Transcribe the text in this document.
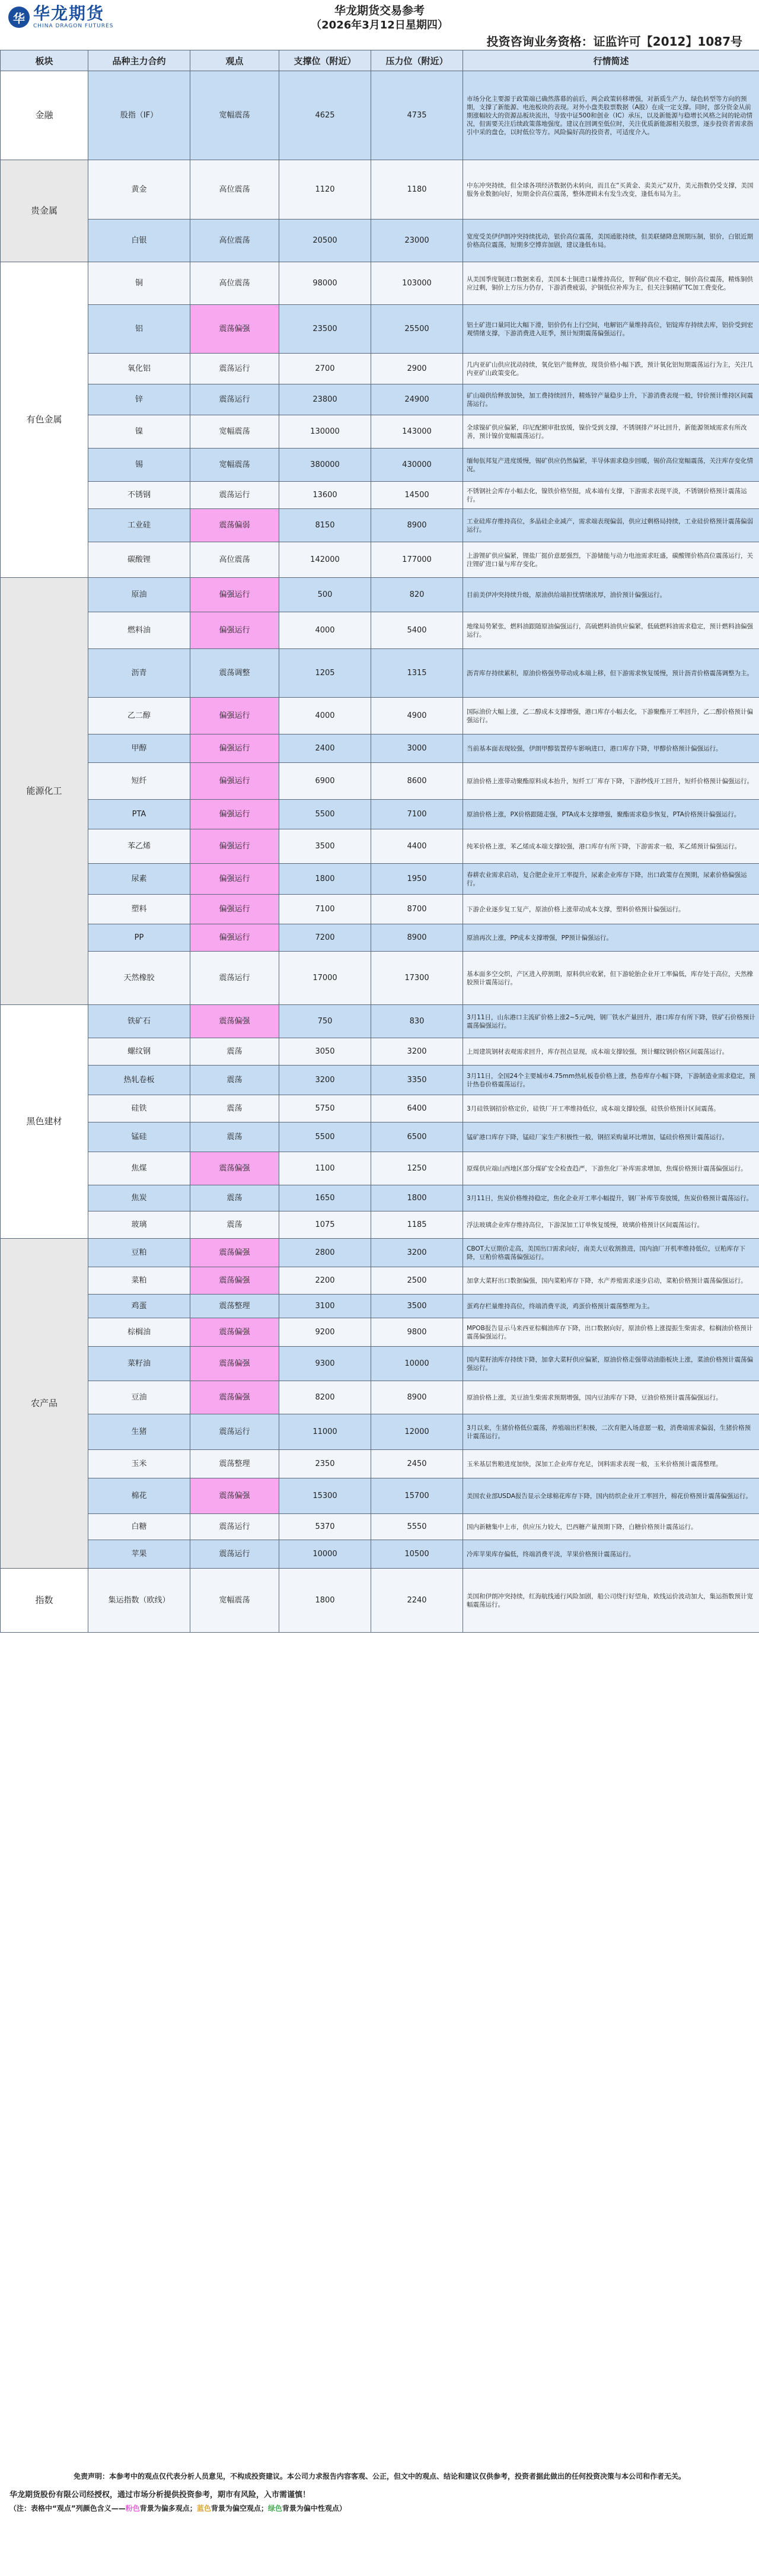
华 华龙期货
CHINA DRAGON FUTURES
华龙期货交易参考
（2026年3月12日星期四）
投资咨询业务资格：证监许可【2012】1087号
板块	品种主力合约	观点	支撑位（附近）	压力位（附近）	行情简述
金融	股指（IF）	宽幅震荡	4625	4735	市场分化主要源于政策端已确然落幕的前后，两会政策转移增强，对新质生产力、绿色转型等方向的预期，支撑了新能源、电池板块的表现。对外小盘类股票数据（A股）在成一定支撑。同时，部分资金从前期涨幅较大的资源品板块流出，导致中证500和创业（IC）承压，以及新能源与稳增长风格之间的轮动情况，但需要关注后续政策落地强度。建议在回调至低位时，关注优质新能源相关股票，逐步投资者需求指引中采的盘仓，以时低位等方。风险偏好高的投资者，可适度介入。
贵金属	黄金	高位震荡	1120	1180	中东冲突持续，但全球各项经济数据仍未转向，而且在“买黄金、卖美元”双升，美元指数仍受支撑，美国服务业数据向好，短期金价高位震荡，整体逻辑未有发生改变，逢低布局为主。
	白银	高位震荡	20500	23000	宽度受美伊伊朗冲突持续扰动，银价高位震荡，美国通胀持续，但美联储降息预期压制，银价，白银近期价格高位震荡，短期多空博弈加剧，建议逢低布局。
有色金属	铜	高位震荡	98000	103000	从美国季度铜进口数据来看，美国本土铜进口量维持高位，智利矿供应不稳定，铜价高位震荡，精炼铜供应过剩，铜价上方压力仍存，下游消费疲弱，沪铜低位补库为主，但关注铜精矿TC加工费变化。
	铝	震荡偏强	23500	25500	铝土矿进口量同比大幅下滑，铝价仍有上行空间，电解铝产量维持高位，铝锭库存持续去库，铝价受到宏观情绪支撑，下游消费进入旺季，预计短期震荡偏强运行。
	氧化铝	震荡运行	2700	2900	几内亚矿山供应扰动持续，氧化铝产能释放，现货价格小幅下跌，预计氧化铝短期震荡运行为主，关注几内亚矿山政策变化。
	锌	震荡运行	23800	24900	矿山端供给释放加快，加工费持续回升，精炼锌产量稳步上升，下游消费表现一般，锌价预计维持区间震荡运行。
	镍	宽幅震荡	130000	143000	全球镍矿供应偏紧，印尼配额审批放缓，镍价受到支撑，不锈钢排产环比回升，新能源领域需求有所改善，预计镍价宽幅震荡运行。
	锡	宽幅震荡	380000	430000	缅甸佤邦复产进度缓慢，锡矿供应仍然偏紧，半导体需求稳步回暖，锡价高位宽幅震荡，关注库存变化情况。
	不锈钢	震荡运行	13600	14500	不锈钢社会库存小幅去化，镍铁价格坚挺，成本端有支撑，下游需求表现平淡，不锈钢价格预计震荡运行。
	工业硅	震荡偏弱	8150	8900	工业硅库存维持高位，多晶硅企业减产，需求端表现偏弱，供应过剩格局持续，工业硅价格预计震荡偏弱运行。
	碳酸锂	高位震荡	142000	177000	上游锂矿供应偏紧，锂盐厂挺价意愿强烈，下游储能与动力电池需求旺盛，碳酸锂价格高位震荡运行，关注锂矿进口量与库存变化。
能源化工	原油	偏强运行	500	820	目前美伊冲突持续升级，原油供给端担忧情绪浓厚，油价预计偏强运行。
	燃料油	偏强运行	4000	5400	地缘局势紧张，燃料油跟随原油偏强运行，高硫燃料油供应偏紧，低硫燃料油需求稳定，预计燃料油偏强运行。
	沥青	震荡调整	1205	1315	沥青库存持续累积，原油价格强势带动成本端上移，但下游需求恢复缓慢，预计沥青价格震荡调整为主。
	乙二醇	偏强运行	4000	4900	国际油价大幅上涨，乙二醇成本支撑增强，港口库存小幅去化，下游聚酯开工率回升，乙二醇价格预计偏强运行。
	甲醇	偏强运行	2400	3000	当前基本面表现较强，伊朗甲醇装置停车影响进口，港口库存下降，甲醇价格预计偏强运行。
	短纤	偏强运行	6900	8600	原油价格上涨带动聚酯原料成本抬升，短纤工厂库存下降，下游纱线开工回升，短纤价格预计偏强运行。
	PTA	偏强运行	5500	7100	原油价格上涨，PX价格跟随走强，PTA成本支撑增强，聚酯需求稳步恢复，PTA价格预计偏强运行。
	苯乙烯	偏强运行	3500	4400	纯苯价格上涨，苯乙烯成本端支撑较强，港口库存有所下降，下游需求一般，苯乙烯预计偏强运行。
	尿素	偏强运行	1800	1950	春耕农业需求启动，复合肥企业开工率提升，尿素企业库存下降，出口政策存在预期，尿素价格偏强运行。
	塑料	偏强运行	7100	8700	下游企业逐步复工复产，原油价格上涨带动成本支撑，塑料价格预计偏强运行。
	PP	偏强运行	7200	8900	原油再次上涨，PP成本支撑增强，PP预计偏强运行。
	天然橡胶	震荡运行	17000	17300	基本面多空交织，产区进入停割期，原料供应收紧，但下游轮胎企业开工率偏低，库存处于高位，天然橡胶预计震荡运行。
黑色建材	铁矿石	震荡偏强	750	830	3月11日，山东港口主流矿价格上涨2~5元/吨，钢厂铁水产量回升，港口库存有所下降，铁矿石价格预计震荡偏强运行。
	螺纹钢	震荡	3050	3200	上周建筑钢材表观需求回升，库存拐点显现，成本端支撑较强，预计螺纹钢价格区间震荡运行。
	热轧卷板	震荡	3200	3350	3月11日，全国24个主要城市4.75mm热轧板卷价格上涨，热卷库存小幅下降，下游制造业需求稳定，预计热卷价格震荡运行。
	硅铁	震荡	5750	6400	3月硅铁钢招价格定价，硅铁厂开工率维持低位，成本端支撑较强，硅铁价格预计区间震荡。
	锰硅	震荡	5500	6500	锰矿港口库存下降，锰硅厂家生产积极性一般，钢招采购量环比增加，锰硅价格预计震荡运行。
	焦煤	震荡偏强	1100	1250	原煤供应端山西地区部分煤矿安全检查趋严，下游焦化厂补库需求增加，焦煤价格预计震荡偏强运行。
	焦炭	震荡	1650	1800	3月11日，焦炭价格维持稳定，焦化企业开工率小幅提升，钢厂补库节奏放缓，焦炭价格预计震荡运行。
	玻璃	震荡	1075	1185	浮法玻璃企业库存维持高位，下游深加工订单恢复缓慢，玻璃价格预计区间震荡运行。
农产品	豆粕	震荡偏强	2800	3200	CBOT大豆期价走高，美国出口需求向好，南美大豆收割推进，国内油厂开机率维持低位，豆粕库存下降，豆粕价格震荡偏强运行。
	菜粕	震荡偏强	2200	2500	加拿大菜籽出口数据偏强，国内菜粕库存下降，水产养殖需求逐步启动，菜粕价格预计震荡偏强运行。
	鸡蛋	震荡整理	3100	3500	蛋鸡存栏量维持高位，终端消费平淡，鸡蛋价格预计震荡整理为主。
	棕榈油	震荡偏强	9200	9800	MPOB报告显示马来西亚棕榈油库存下降，出口数据向好，原油价格上涨提振生柴需求，棕榈油价格预计震荡偏强运行。
	菜籽油	震荡偏强	9300	10000	国内菜籽油库存持续下降，加拿大菜籽供应偏紧，原油价格走强带动油脂板块上涨，菜油价格预计震荡偏强运行。
	豆油	震荡偏强	8200	8900	原油价格上涨，美豆油生柴需求预期增强，国内豆油库存下降，豆油价格预计震荡偏强运行。
	生猪	震荡运行	11000	12000	3月以来，生猪价格低位震荡，养殖端出栏积极，二次育肥入场意愿一般，消费端需求偏弱，生猪价格预计震荡运行。
	玉米	震荡整理	2350	2450	玉米基层售粮进度加快，深加工企业库存充足，饲料需求表现一般，玉米价格预计震荡整理。
	棉花	震荡偏强	15300	15700	美国农业部USDA报告显示全球棉花库存下降，国内纺织企业开工率回升，棉花价格预计震荡偏强运行。
	白糖	震荡运行	5370	5550	国内新糖集中上市，供应压力较大，巴西糖产量预期下降，白糖价格预计震荡运行。
	苹果	震荡运行	10000	10500	冷库苹果库存偏低，终端消费平淡，苹果价格预计震荡运行。
指数	集运指数（欧线）	宽幅震荡	1800	2240	美国和伊朗冲突持续，红海航线通行风险加剧，船公司绕行好望角，欧线运价波动加大，集运指数预计宽幅震荡运行。
免责声明：本参考中的观点仅代表分析人员意见，不构成投资建议。本公司力求报告内容客观、公正，但文中的观点、结论和建议仅供参考，投资者据此做出的任何投资决策与本公司和作者无关。
华龙期货股份有限公司经授权，通过市场分析提供投资参考，期市有风险，入市需谨慎！
（注：表格中“观点”列颜色含义——粉色背景为偏多观点；蓝色背景为偏空观点；绿色背景为偏中性观点）
